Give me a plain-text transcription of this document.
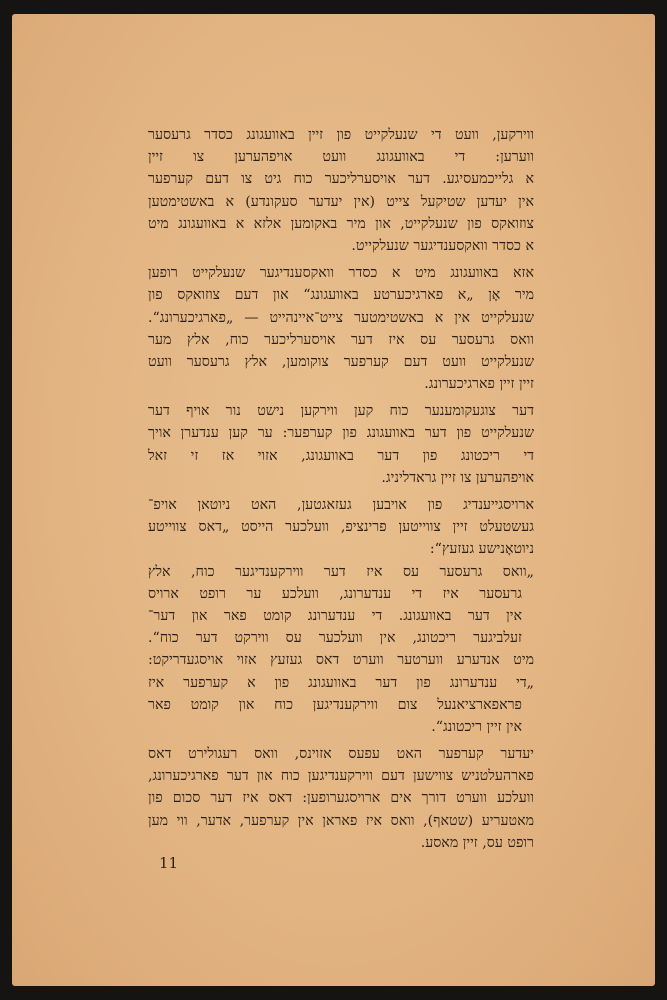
ווירקען, וועט די שנעלקייט פון זיין באוועגונג כסדר גרעסער
ווערען: די באוועגונג וועט אויפהערען צו זיין
א גלייכמעסיגע. דער אויסערליכער כוח גיט צו דעם קערפער
אין יעדען שטיקעל צייט (אין יעדער סעקונדע) א באשטימטען
צוזואקס פון שנעלקייט, און מיר באקומען אלזא א באוועגונג מיט
א כסדר וואקסענדיגער שנעלקייט.
אזא באוועגונג מיט א כסדר וואקסענדיגער שנעלקייט רופען
מיר אָן „א פארגיכערטע באוועגונג“ און דעם צוזואקס פון
שנעלקייט אין א באשטימטער צייט־איינהייט — „פארגיכערונג“.
וואס גרעסער עס איז דער אויסערליכער כוח, אלץ מער
שנעלקייט וועט דעם קערפער צוקומען, אלץ גרעסער וועט
זיין זיין פארגיכערונג.
דער צוגעקומענער כוח קען ווירקען נישט נור אויף דער
שנעלקייט פון דער באוועגונג פון קערפער: ער קען ענדערן אויך
די ריכטונג פון דער באוועגונג, אזוי אז זי זאל
אויפהערען צו זיין גראדליניג.
ארויסגייענדיג פון אויבען געזאגטען, האט ניוטאן אויפ־
געשטעלט זיין צווייטען פרינציפ, וועלכער הייסט „דאס צווייטע
ניוטאָנישע געזעץ“:
„וואס גרעסער עס איז דער ווירקענדיגער כוח, אלץ
גרעסער איז די ענדערונג, וועלכע ער רופט ארויס
אין דער באוועגונג. די ענדערונג קומט פאר און דער־
זעלביגער ריכטונג, אין וועלכער עס ווירקט דער כוח“.
מיט אנדערע ווערטער ווערט דאס געזעץ אזוי אויסגעדריקט:
„די ענדערונג פון דער באוועגונג פון א קערפער איז
פראפארציאנעל צום ווירקענדיגען כוח און קומט פאר
אין זיין ריכטונג“.
יעדער קערפער האט עפעס אזוינס, וואס רעגולירט דאס
פארהעלטניש צווישען דעם ווירקענדיגען כוח און דער פארגיכערונג,
וועלכע ווערט דורך אים ארויסגערופען: דאס איז דער סכום פון
מאטעריע (שטאף), וואס איז פאראן אין קערפער, אדער, ווי מען
רופט עס, זיין מאסע.
11
